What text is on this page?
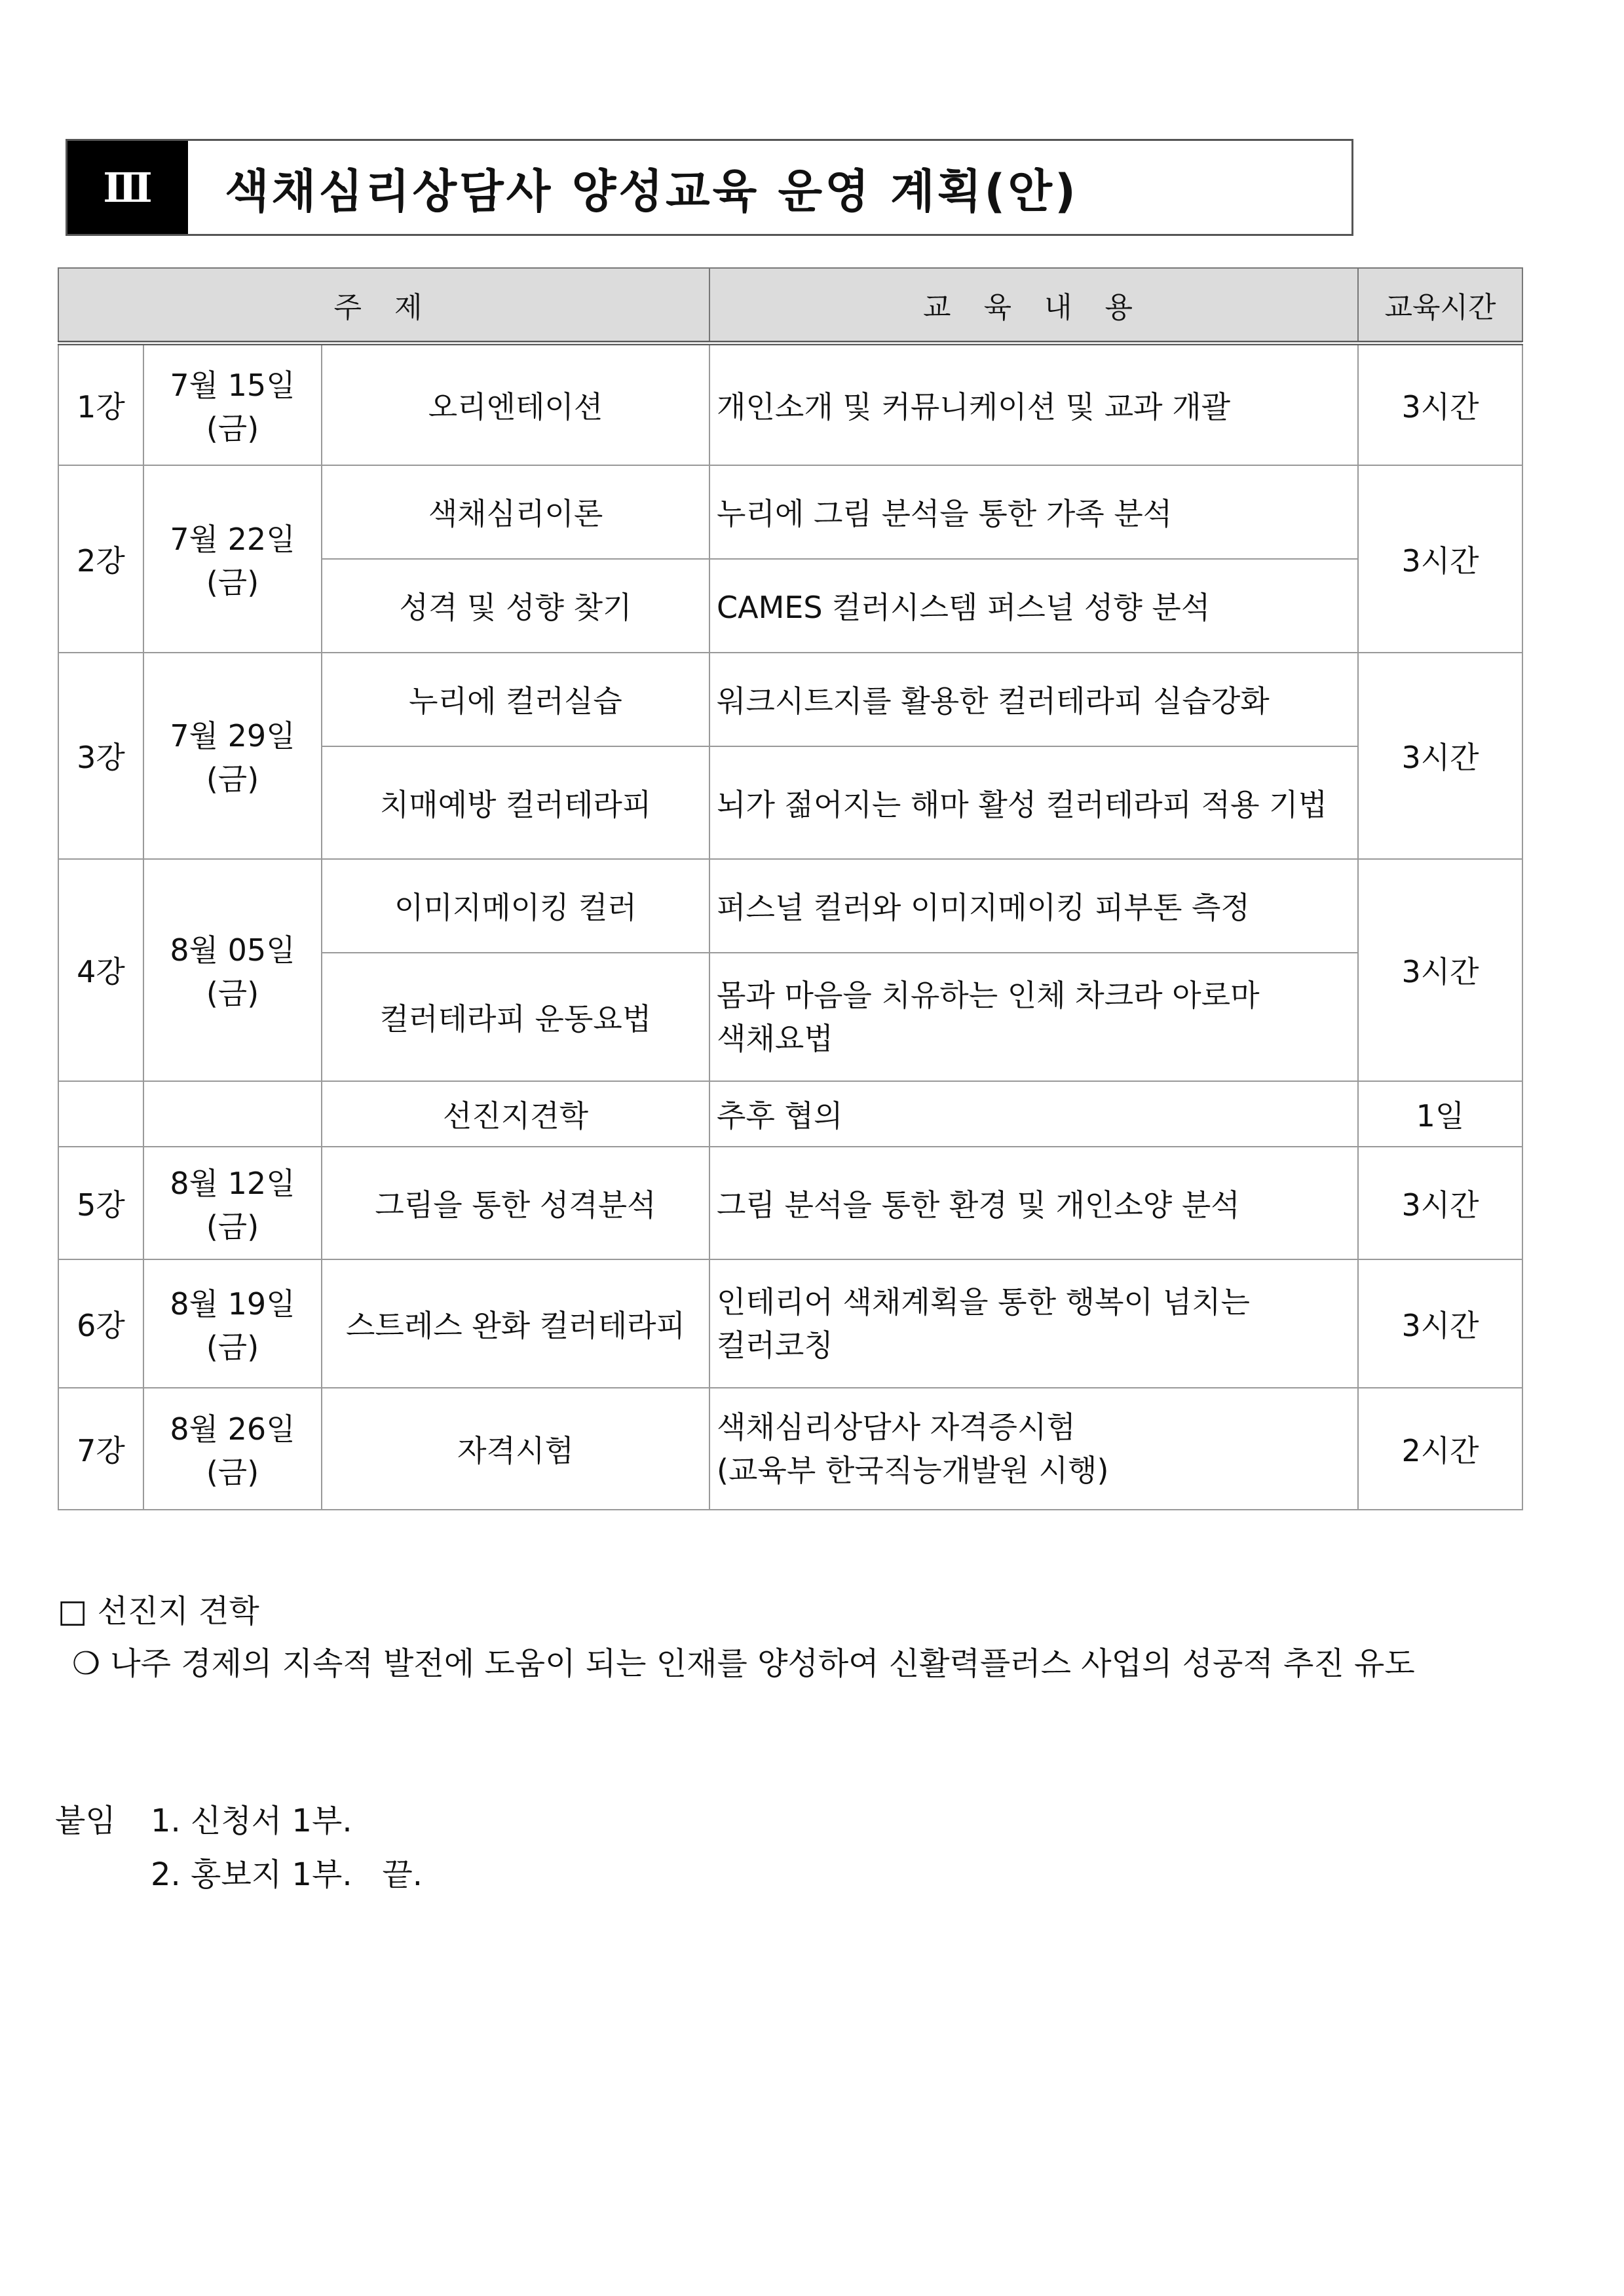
Ⅲ	색채심리상담사 양성교육 운영 계획(안)
주 제			교 육 내 용	교육시간
1강	7월 15일(금)	오리엔테이션	개인소개 및 커뮤니케이션 및 교과 개괄	3시간
2강	7월 22일(금)	색채심리이론	누리에 그림 분석을 통한 가족 분석	3시간
		성격 및 성향 찾기	CAMES 컬러시스템 퍼스널 성향 분석	
3강	7월 29일(금)	누리에 컬러실습	워크시트지를 활용한 컬러테라피 실습강화	3시간
		치매예방 컬러테라피	뇌가 젊어지는 해마 활성 컬러테라피 적용 기법	
4강	8월 05일(금)	이미지메이킹 컬러	퍼스널 컬러와 이미지메이킹 피부톤 측정	3시간
		컬러테라피 운동요법	몸과 마음을 치유하는 인체 차크라 아로마
색채요법	

		선진지견학	추후 협의	1일
5강	8월 12일(금)	그림을 통한 성격분석	그림 분석을 통한 환경 및 개인소양 분석	3시간
6강	8월 19일(금)	스트레스 완화 컬러테라피	인테리어 색채계획을 통한 행복이 넘치는
컬러코칭	3시간
7강	8월 26일(금)	자격시험	색채심리상담사 자격증시험
(교육부 한국직능개발원 시행)	2시간
□ 선진지 견학
❍ 나주 경제의 지속적 발전에 도움이 되는 인재를 양성하여 신활력플러스 사업의 성공적 추진 유도
붙임 1. 신청서 1부.
2. 홍보지 1부.   끝.
